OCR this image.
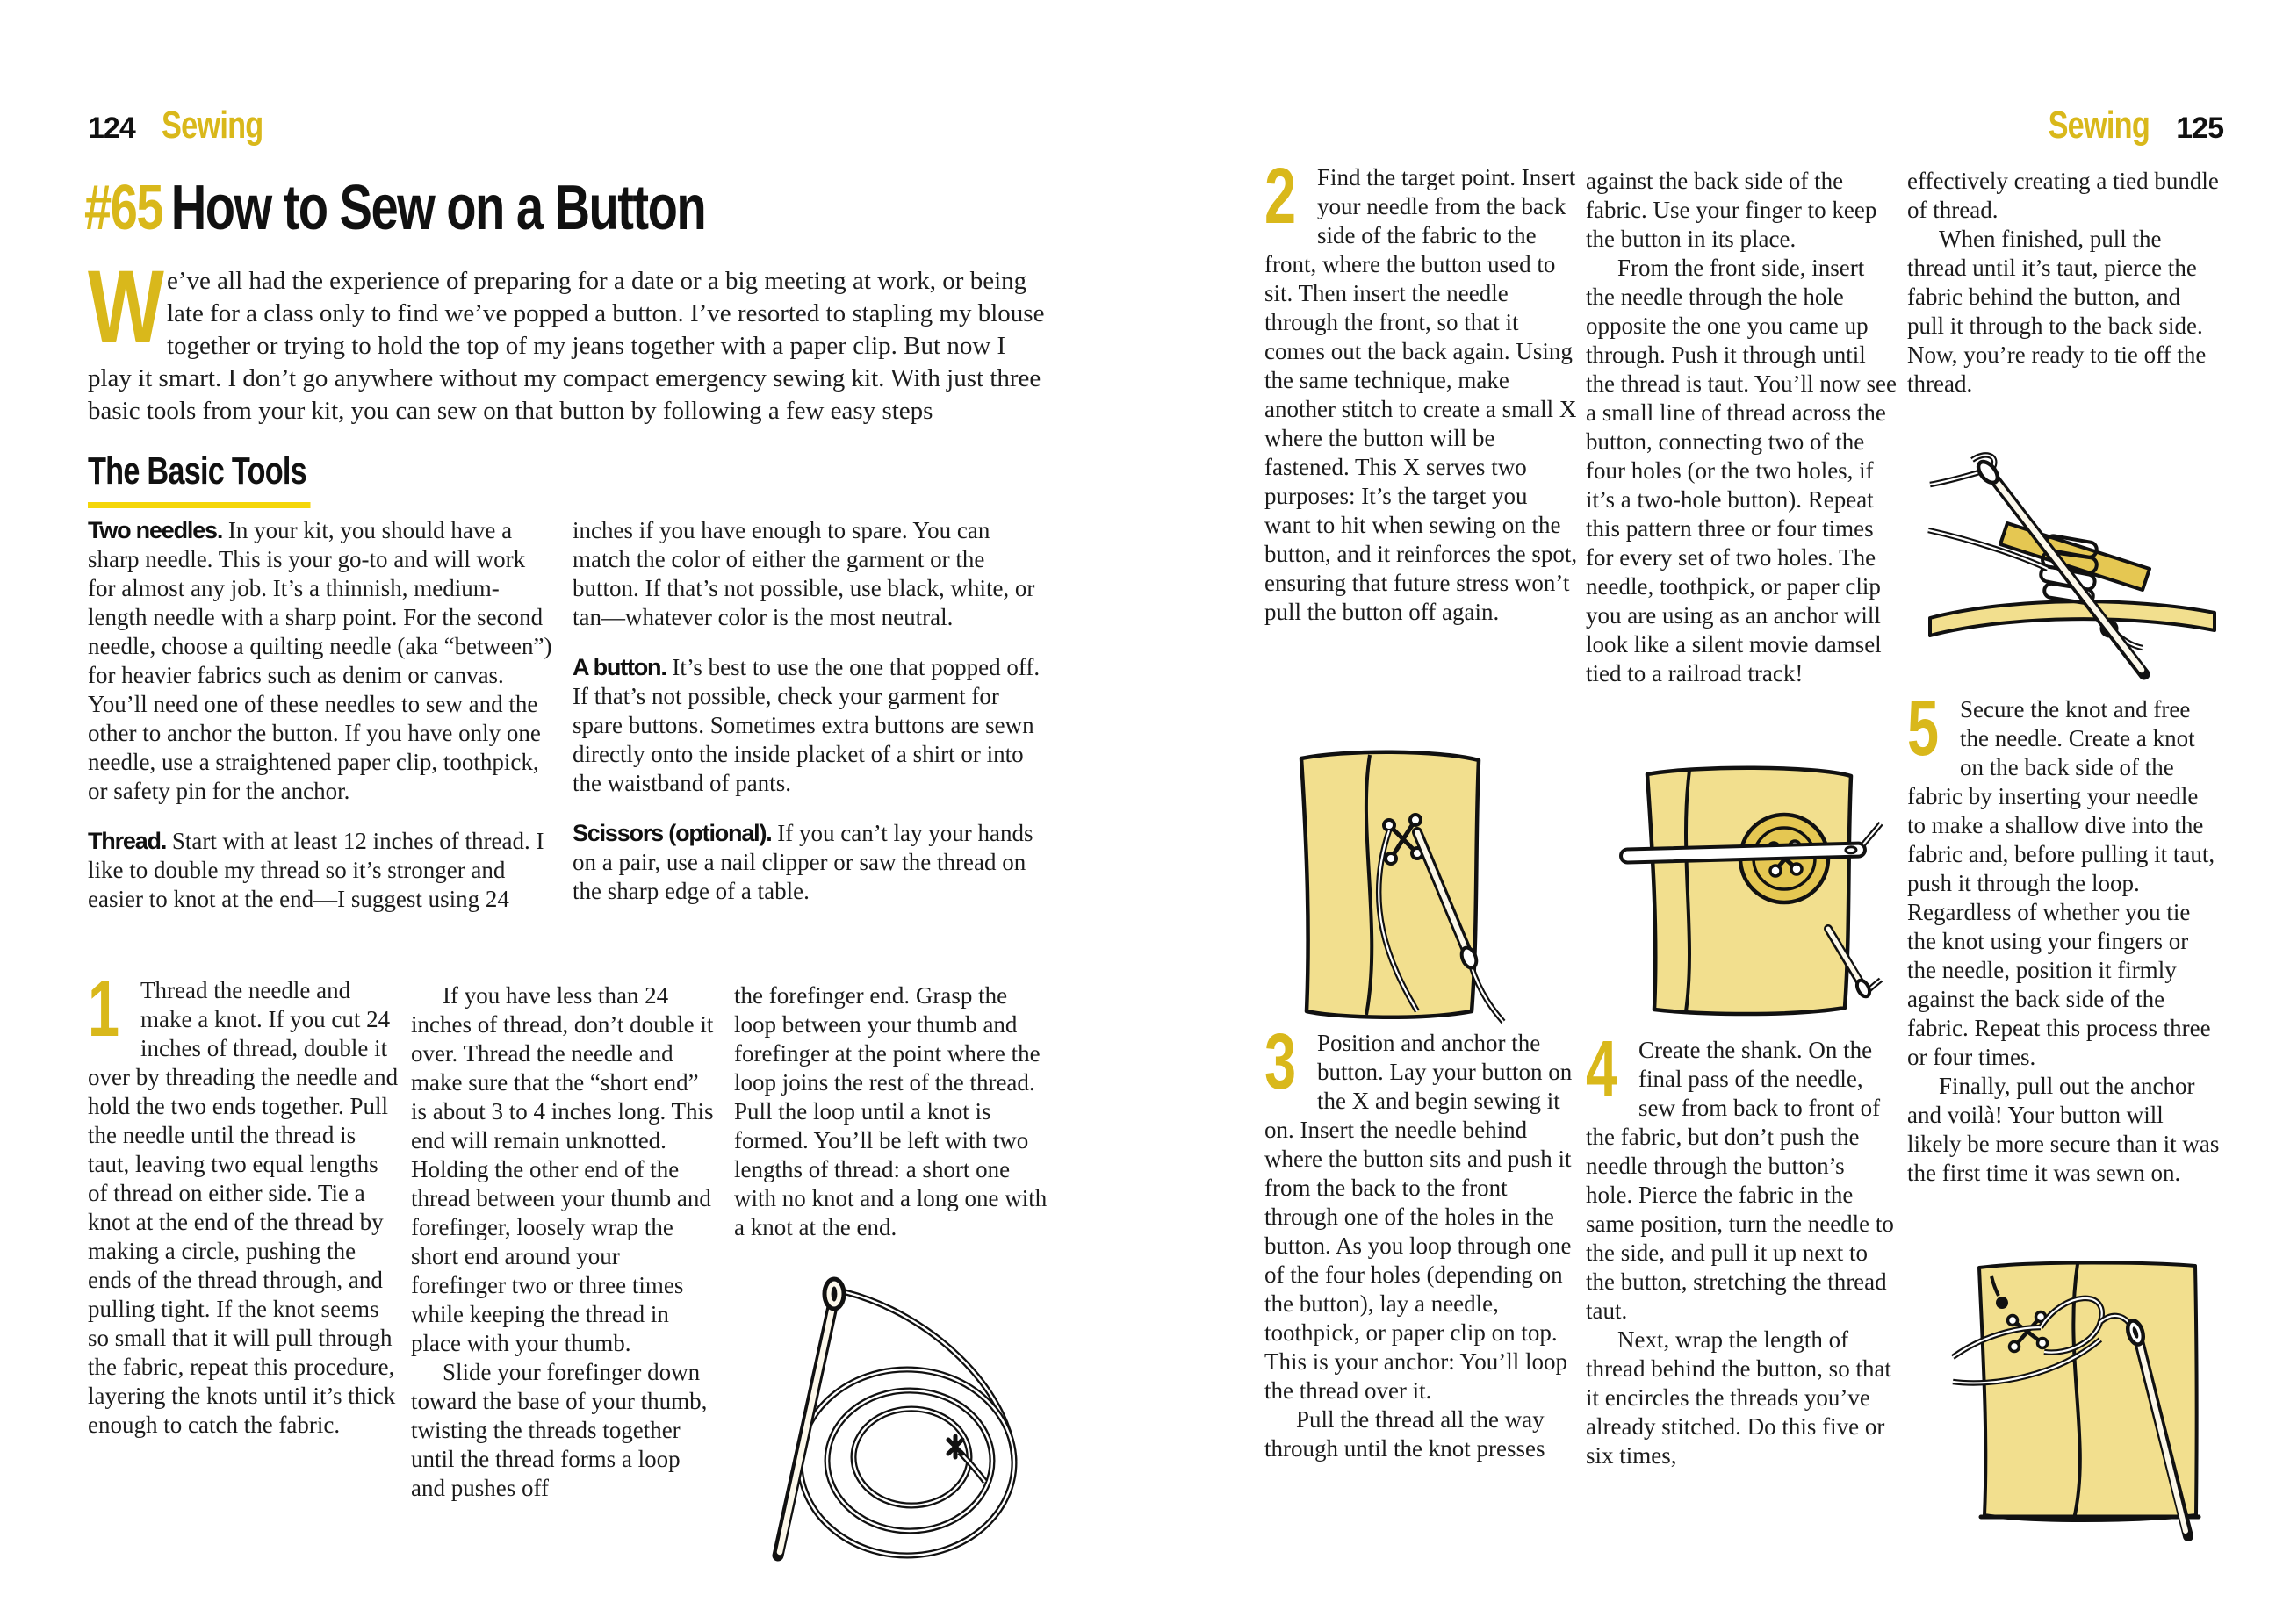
124 Sewing
#65  How to Sew on a Button

We’ve all had the experience of preparing for a date or a big meeting at work, or being late for a class only to find we’ve popped a button. I’ve resorted to stapling my blouse together or trying to hold the top of my jeans together with a paper clip. But now I play it smart. I don’t go anywhere without my compact emergency sewing kit. With just three basic tools from your kit, you can sew on that button by following a few easy steps

The Basic Tools

Two needles. In your kit, you should have a sharp needle. This is your go-to and will work for almost any job. It’s a thinnish, medium-length needle with a sharp point. For the second needle, choose a quilting needle (aka “between”) for heavier fabrics such as denim or canvas. You’ll need one of these needles to sew and the other to anchor the button. If you have only one needle, use a straightened paper clip, toothpick, or safety pin for the anchor.

Thread. Start with at least 12 inches of thread. I like to double my thread so it’s stronger and easier to knot at the end—I suggest using 24

inches if you have enough to spare. You can match the color of either the garment or the button. If that’s not possible, use black, white, or tan—whatever color is the most neutral.

A button. It’s best to use the one that popped off. If that’s not possible, check your garment for spare buttons. Sometimes extra buttons are sewn directly onto the inside placket of a shirt or into the waistband of pants.

Scissors (optional). If you can’t lay your hands on a pair, use a nail clipper or saw the thread on the sharp edge of a table.

1 Thread the needle and make a knot. If you cut 24 inches of thread, double it over by threading the needle and hold the two ends together. Pull the needle until the thread is taut, leaving two equal lengths of thread on either side. Tie a knot at the end of the thread by making a circle, pushing the ends of the thread through, and pulling tight. If the knot seems so small that it will pull through the fabric, repeat this procedure, layering the knots until it’s thick enough to catch the fabric.

If you have less than 24 inches of thread, don’t double it over. Thread the needle and make sure that the “short end” is about 3 to 4 inches long. This end will remain unknotted. Holding the other end of the thread between your thumb and forefinger, loosely wrap the short end around your forefinger two or three times while keeping the thread in place with your thumb.

Slide your forefinger down toward the base of your thumb, twisting the threads together until the thread forms a loop and pushes off

the forefinger end. Grasp the loop between your thumb and forefinger at the point where the loop joins the rest of the thread. Pull the loop until a knot is formed. You’ll be left with two lengths of thread: a short one with no knot and a long one with a knot at the end.

Sewing 125

2 Find the target point. Insert your needle from the back side of the fabric to the front, where the button used to sit. Then insert the needle through the front, so that it comes out the back again. Using the same technique, make another stitch to create a small X where the button will be fastened. This X serves two purposes: It’s the target you want to hit when sewing on the button, and it reinforces the spot, ensuring that future stress won’t pull the button off again.

against the back side of the fabric. Use your finger to keep the button in its place.

From the front side, insert the needle through the hole opposite the one you came up through. Push it through until the thread is taut. You’ll now see a small line of thread across the button, connecting two of the four holes (or the two holes, if it’s a two-hole button). Repeat this pattern three or four times for every set of two holes. The needle, toothpick, or paper clip you are using as an anchor will look like a silent movie damsel tied to a railroad track!

effectively creating a tied bundle of thread.

When finished, pull the thread until it’s taut, pierce the fabric behind the button, and pull it through to the back side. Now, you’re ready to tie off the thread.

3 Position and anchor the button. Lay your button on the X and begin sewing it on. Insert the needle behind where the button sits and push it from the back to the front through one of the holes in the button. As you loop through one of the four holes (depending on the button), lay a needle, toothpick, or paper clip on top. This is your anchor: You’ll loop the thread over it.

Pull the thread all the way through until the knot presses

4 Create the shank. On the final pass of the needle, sew from back to front of the fabric, but don’t push the needle through the button’s hole. Pierce the fabric in the same position, turn the needle to the side, and pull it up next to the button, stretching the thread taut.

Next, wrap the length of thread behind the button, so that it encircles the threads you’ve already stitched. Do this five or six times,

5 Secure the knot and free the needle. Create a knot on the back side of the fabric by inserting your needle to make a shallow dive into the fabric and, before pulling it taut, push it through the loop. Regardless of whether you tie the knot using your fingers or the needle, position it firmly against the back side of the fabric. Repeat this process three or four times.

Finally, pull out the anchor and voilà! Your button will likely be more secure than it was the first time it was sewn on.
